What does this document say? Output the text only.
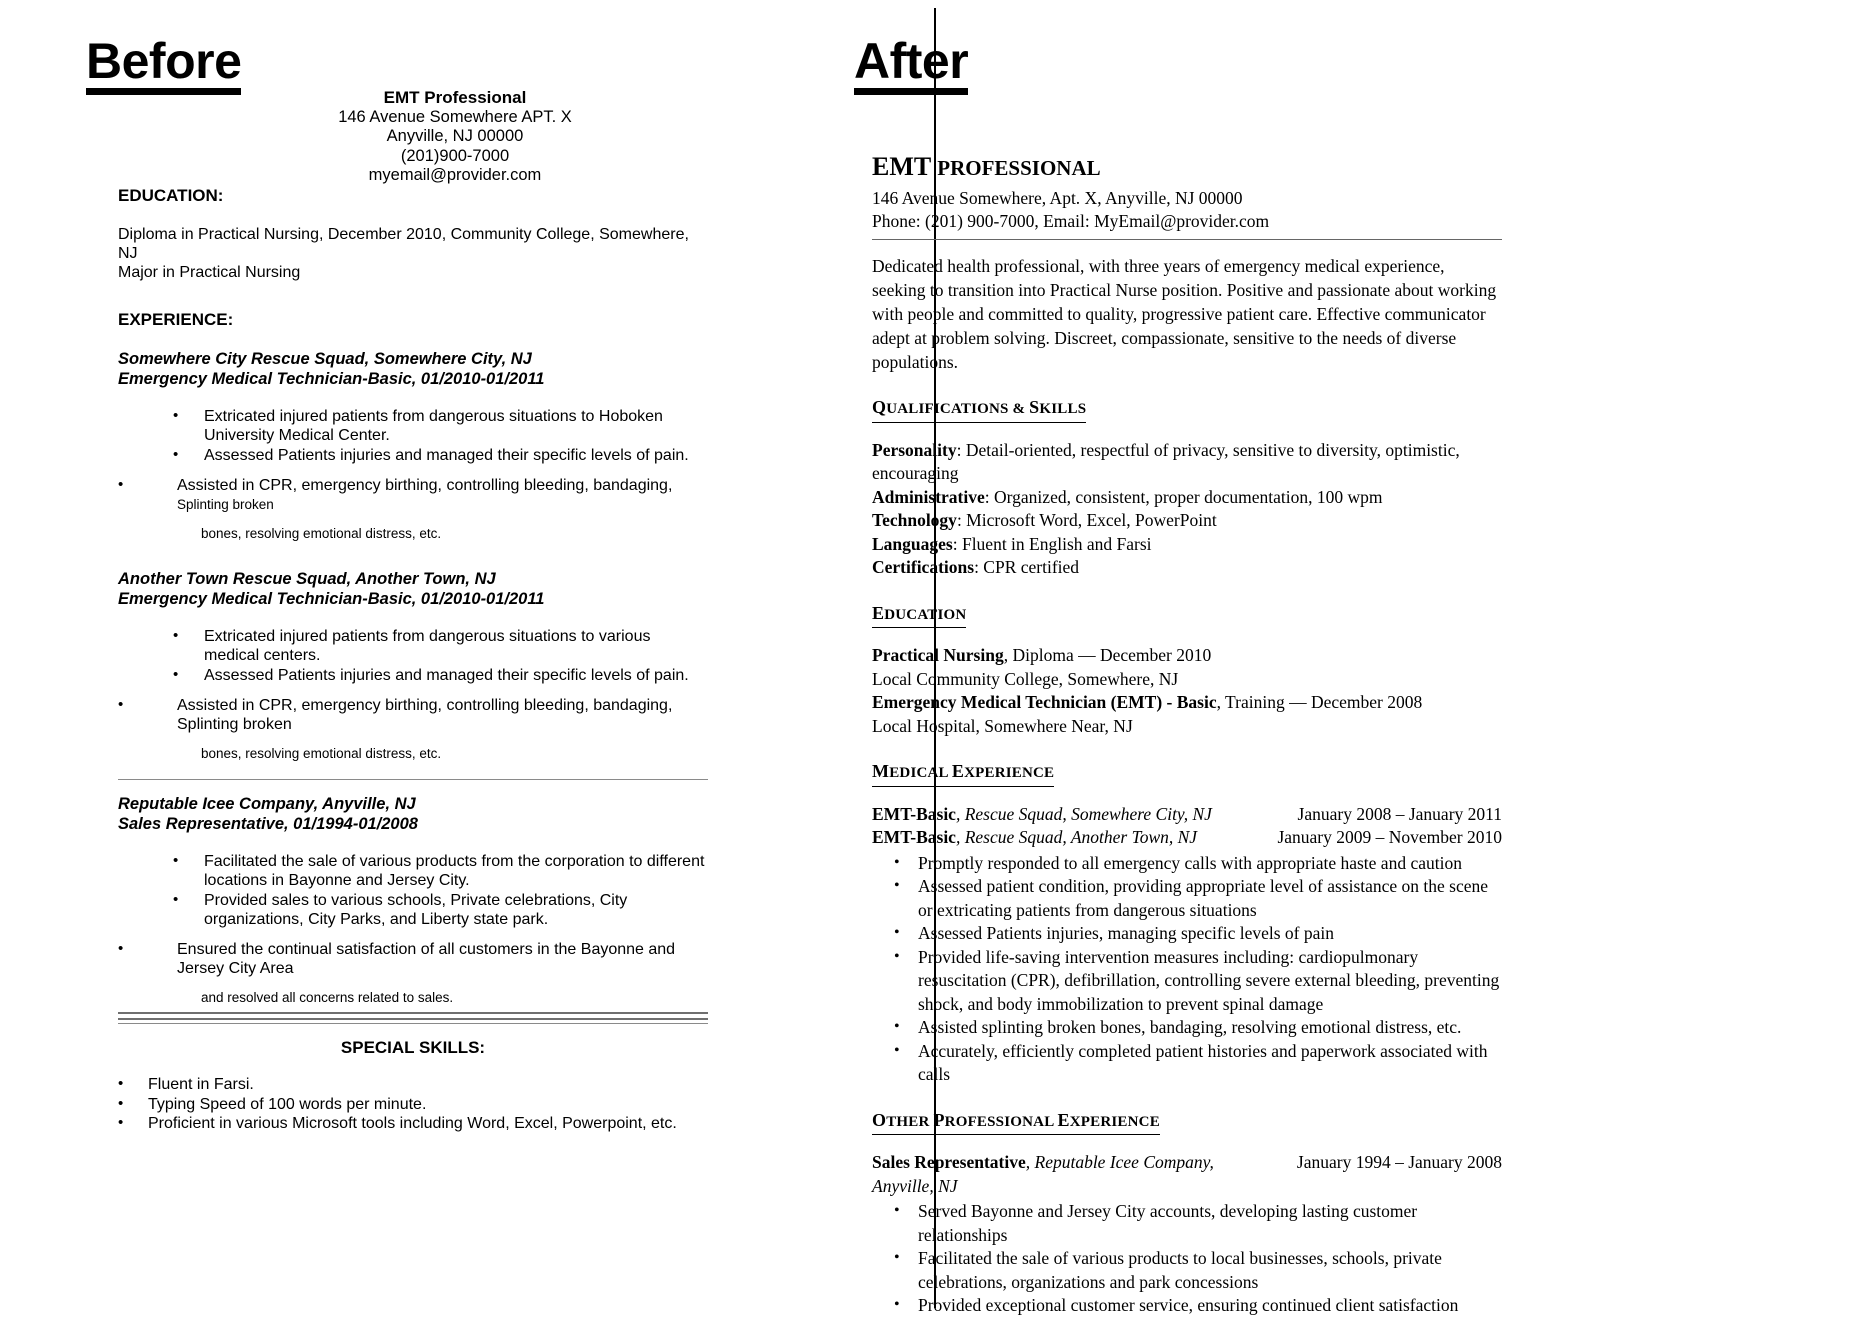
Before
EMT Professional
146 Avenue Somewhere APT. X
Anyville, NJ 00000
(201)900-7000
myemail@provider.com

EDUCATION:

Diploma in Practical Nursing, December 2010, Community College, Somewhere, NJ

Major in Practical Nursing

EXPERIENCE:

Somewhere City Rescue Squad, Somewhere City, NJ

Emergency Medical Technician-Basic, 01/2010-01/2011

• Extricated injured patients from dangerous situations to Hoboken University Medical Center.
• Assessed Patients injuries and managed their specific levels of pain.
• Assisted in CPR, emergency birthing, controlling bleeding, bandaging, Splinting broken
bones, resolving emotional distress, etc.

Another Town Rescue Squad, Another Town, NJ

Emergency Medical Technician-Basic, 01/2010-01/2011

• Extricated injured patients from dangerous situations to various medical centers.
• Assessed Patients injuries and managed their specific levels of pain.
• Assisted in CPR, emergency birthing, controlling bleeding, bandaging, Splinting broken
bones, resolving emotional distress, etc.

Reputable Icee Company, Anyville, NJ

Sales Representative, 01/1994-01/2008

• Facilitated the sale of various products from the corporation to different locations in Bayonne and Jersey City.
• Provided sales to various schools, Private celebrations, City organizations, City Parks, and Liberty state park.
• Ensured the continual satisfaction of all customers in the Bayonne and Jersey City Area
and resolved all concerns related to sales.

SPECIAL SKILLS:

• Fluent in Farsi.
• Typing Speed of 100 words per minute.
• Proficient in various Microsoft tools including Word, Excel, Powerpoint, etc.
After

EMT PROFESSIONAL

146 Avenue Somewhere, Apt. X, Anyville, NJ 00000

Phone: (201) 900-7000, Email: MyEmail@provider.com

Dedicated health professional, with three years of emergency medical experience, seeking to transition into Practical Nurse position. Positive and passionate about working with people and committed to quality, progressive patient care. Effective communicator adept at problem solving. Discreet, compassionate, sensitive to the needs of diverse populations.

QUALIFICATIONS & SKILLS

Personality: Detail-oriented, respectful of privacy, sensitive to diversity, optimistic, encouraging

Administrative: Organized, consistent, proper documentation, 100 wpm

Technology: Microsoft Word, Excel, PowerPoint

Languages: Fluent in English and Farsi

Certifications: CPR certified

EDUCATION

Practical Nursing, Diploma — December 2010

Local Community College, Somewhere, NJ

Emergency Medical Technician (EMT) - Basic, Training — December 2008

Local Hospital, Somewhere Near, NJ

MEDICAL EXPERIENCE
EMT-Basic, Rescue Squad, Somewhere City, NJ	January 2008 – January 2011
EMT-Basic, Rescue Squad, Another Town, NJ	January 2009 – November 2010
• Promptly responded to all emergency calls with appropriate haste and caution
• Assessed patient condition, providing appropriate level of assistance on the scene or extricating patients from dangerous situations
• Assessed Patients injuries, managing specific levels of pain
• Provided life-saving intervention measures including: cardiopulmonary resuscitation (CPR), defibrillation, controlling severe external bleeding, preventing shock, and body immobilization to prevent spinal damage
• Assisted splinting broken bones, bandaging, resolving emotional distress, etc.
• Accurately, efficiently completed patient histories and paperwork associated with calls
OTHER PROFESSIONAL EXPERIENCE
Sales Representative, Reputable Icee Company, Anyville, NJ
January 1994 – January 2008
• Served Bayonne and Jersey City accounts, developing lasting customer relationships
• Facilitated the sale of various products to local businesses, schools, private celebrations, organizations and park concessions
• Provided exceptional customer service, ensuring continued client satisfaction
